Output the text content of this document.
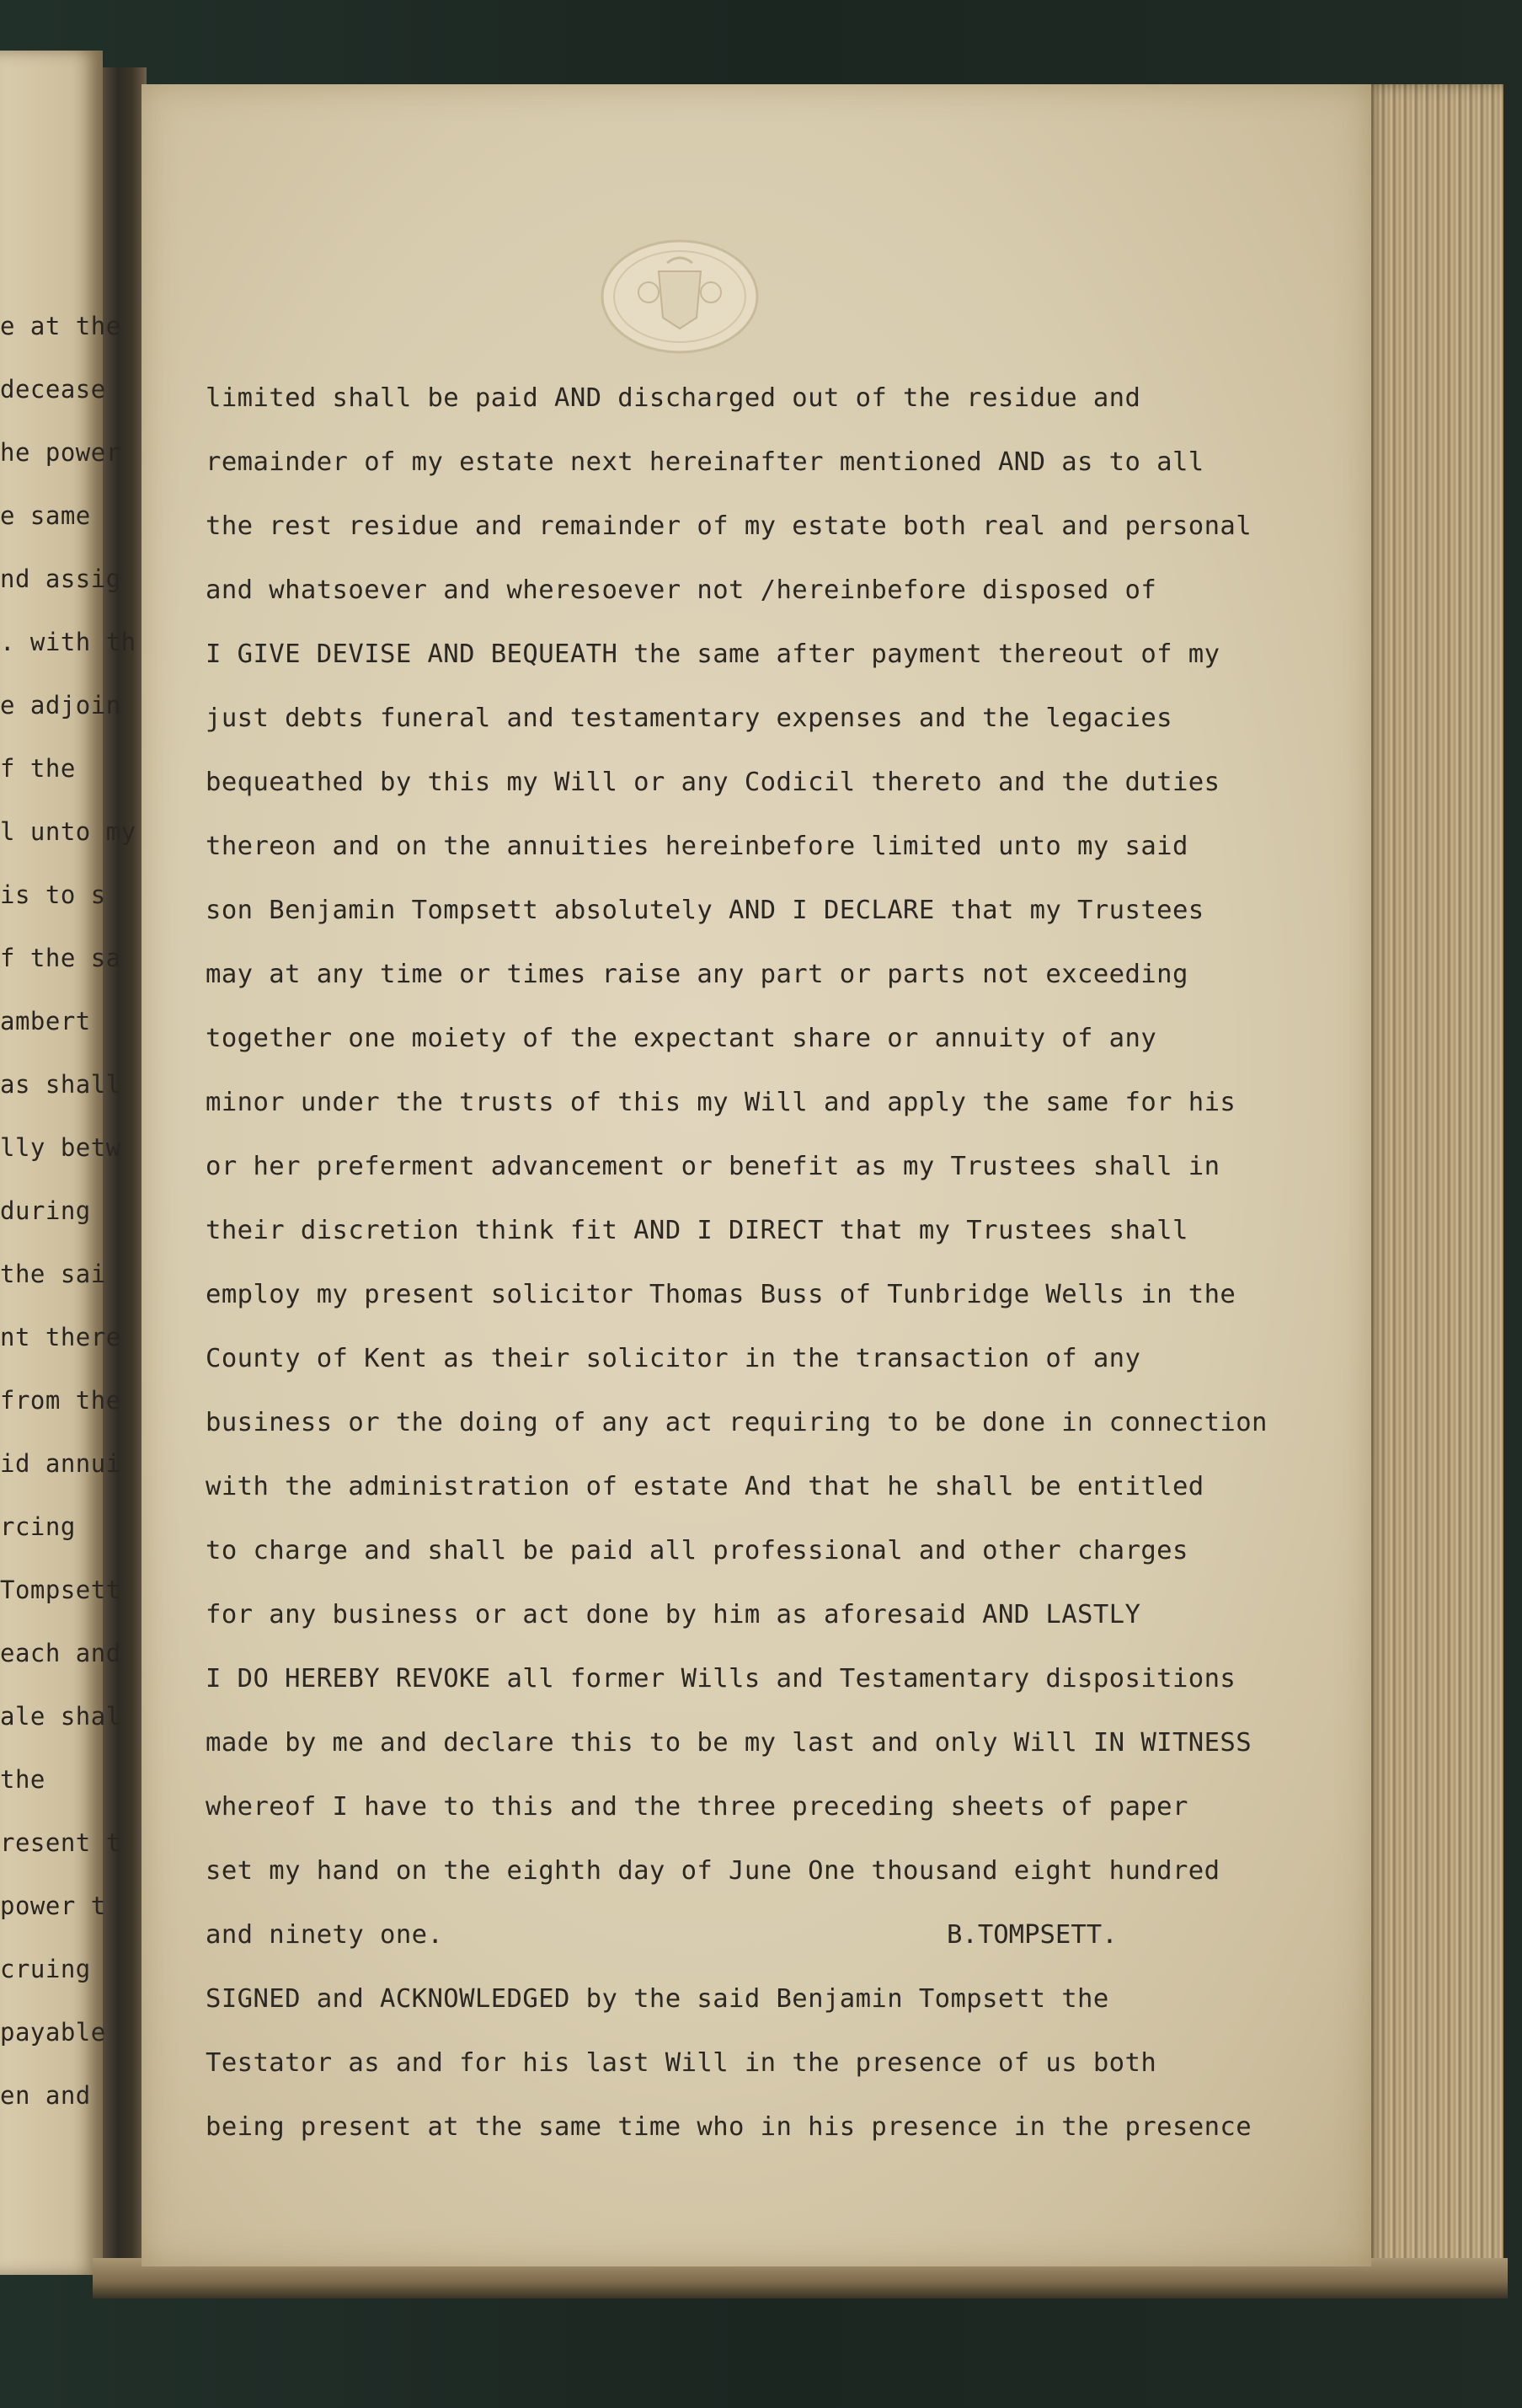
e at the
decease
he power
e same
nd assig
. with th
e adjoin
f the
l unto my
is to s
f the sa
ambert
as shall
lly betw
during
the sai
nt there
from the
id annui
rcing
Tompsett
each and
ale shal
the
resent t
power t
cruing
payable
en and
limited shall be paid AND discharged out of the residue and
remainder of my estate next hereinafter mentioned AND as to all
the rest residue and remainder of my estate both real and personal
and whatsoever and wheresoever not /hereinbefore disposed of
I GIVE DEVISE AND BEQUEATH the same after payment thereout of my
just debts funeral and testamentary expenses and the legacies
bequeathed by this my Will or any Codicil thereto and the duties
thereon and on the annuities hereinbefore limited unto my said
son Benjamin Tompsett absolutely AND I DECLARE that my Trustees
may at any time or times raise any part or parts not exceeding
together one moiety of the expectant share or annuity of any
minor under the trusts of this my Will and apply the same for his
or her preferment advancement or benefit as my Trustees shall in
their discretion think fit AND I DIRECT that my Trustees shall
employ my present solicitor Thomas Buss of Tunbridge Wells in the
County of Kent as their solicitor in the transaction of any
business or the doing of any act requiring to be done in connection
with the administration of estate And that he shall be entitled
to charge and shall be paid all professional and other charges
for any business or act done by him as aforesaid AND LASTLY
I DO HEREBY REVOKE all former Wills and Testamentary dispositions
made by me and declare this to be my last and only Will IN WITNESS
whereof I have to this and the three preceding sheets of paper
set my hand on the eighth day of June One thousand eight hundred
and ninety one.	B.TOMPSETT.
SIGNED and ACKNOWLEDGED by the said Benjamin Tompsett the
Testator as and for his last Will in the presence of us both
being present at the same time who in his presence in the presence
